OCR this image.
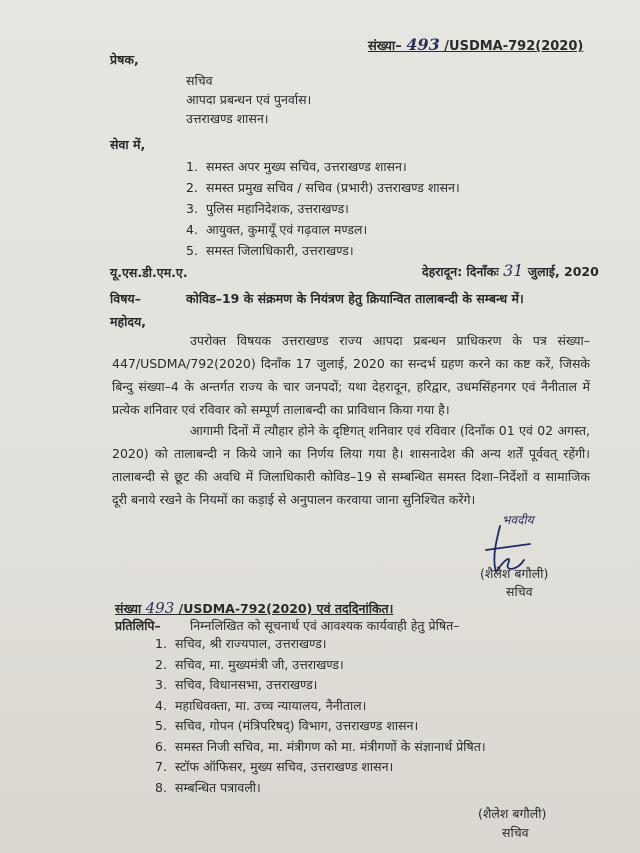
संख्या– 493 /USDMA-792(2020)
प्रेषक,
सचिव
आपदा प्रबन्धन एवं पुनर्वास।
उत्तराखण्ड शासन।
सेवा में,
1. समस्त अपर मुख्य सचिव, उत्तराखण्ड शासन।
2. समस्त प्रमुख सचिव / सचिव (प्रभारी) उत्तराखण्ड शासन।
3. पुलिस महानिदेशक, उत्तराखण्ड।
4. आयुक्त, कुमायूँ एवं गढ़वाल मण्डल।
5. समस्त जिलाधिकारी, उत्तराखण्ड।
यू.एस.डी.एम.ए.	देहरादून: दिनाँकः 31 जुलाई, 2020
विषय–	कोविड–19 के संक्रमण के नियंत्रण हेतु क्रियान्वित तालाबन्दी के सम्बन्ध में।
महोदय,
उपरोक्त विषयक उत्तराखण्ड राज्य आपदा प्रबन्धन प्राधिकरण के पत्र संख्या–447/USDMA/792(2020) दिनाँक 17 जुलाई, 2020 का सन्दर्भ ग्रहण करने का कष्ट करें, जिसके बिन्दु संख्या–4 के अन्तर्गत राज्य के चार जनपदों; यथा देहरादून, हरिद्वार, उधमसिंहनगर एवं नैनीताल में प्रत्येक शनिवार एवं रविवार को सम्पूर्ण तालाबन्दी का प्राविधान किया गया है।
आगामी दिनों में त्यौहार होने के दृष्टिगत् शनिवार एवं रविवार (दिनाँक 01 एवं 02 अगस्त, 2020) को तालाबन्दी न किये जाने का निर्णय लिया गया है। शासनादेश की अन्य शर्तें पूर्ववत् रहेंगी। तालाबन्दी से छूट की अवधि में जिलाधिकारी कोविड–19 से सम्बन्धित समस्त दिशा–निर्देशों व सामाजिक दूरी बनाये रखने के नियमों का कड़ाई से अनुपालन करवाया जाना सुनिश्चित करेंगे।
भवदीय
(शैलेश बगौली)
सचिव
संख्या 493 /USDMA-792(2020) एवं तददिनांकित।
प्रतिलिपि– निम्नलिखित को सूचनार्थ एवं आवश्यक कार्यवाही हेतु प्रेषित–
1. सचिव, श्री राज्यपाल, उत्तराखण्ड।
2. सचिव, मा. मुख्यमंत्री जी, उत्तराखण्ड।
3. सचिव, विधानसभा, उत्तराखण्ड।
4. महाधिवक्ता, मा. उच्च न्यायालय, नैनीताल।
5. सचिव, गोपन (मंत्रिपरिषद्) विभाग, उत्तराखण्ड शासन।
6. समस्त निजी सचिव, मा. मंत्रीगण को मा. मंत्रीगणों के संज्ञानार्थ प्रेषित।
7. स्टॉफ ऑफिसर, मुख्य सचिव, उत्तराखण्ड शासन।
8. सम्बन्धित पत्रावली।
(शैलेश बगौली)
सचिव
